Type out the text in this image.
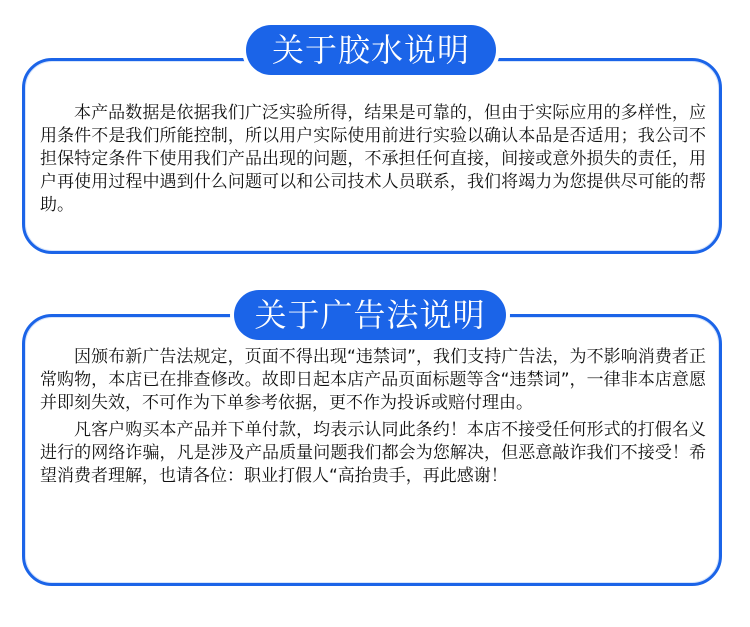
关于胶水说明

本产品数据是依据我们广泛实验所得，结果是可靠的，但由于实际应用的多样性，应用条件不是我们所能控制，所以用户实际使用前进行实验以确认本品是否适用；我公司不担保特定条件下使用我们产品出现的问题，不承担任何直接，间接或意外损失的责任，用户再使用过程中遇到什么问题可以和公司技术人员联系，我们将竭力为您提供尽可能的帮助。

关于广告法说明

因颁布新广告法规定，页面不得出现“违禁词”，我们支持广告法，为不影响消费者正常购物，本店已在排查修改。故即日起本店产品页面标题等含“违禁词”，一律非本店意愿并即刻失效，不可作为下单参考依据，更不作为投诉或赔付理由。

凡客户购买本产品并下单付款，均表示认同此条约！本店不接受任何形式的打假名义进行的网络诈骗，凡是涉及产品质量问题我们都会为您解决，但恶意敲诈我们不接受！希望消费者理解，也请各位：职业打假人“高抬贵手，再此感谢！
